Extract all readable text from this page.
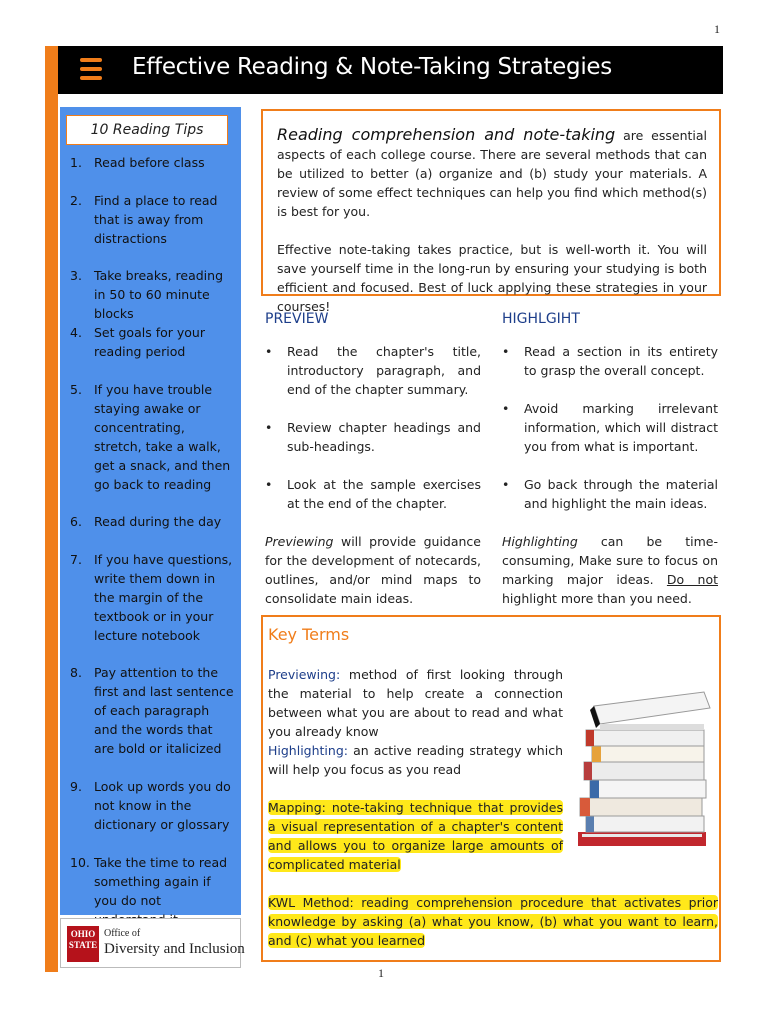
1
Effective Reading & Note-Taking Strategies
10 Reading Tips
1. Read before class
2. Find a place to read that is away from distractions
3. Take breaks, reading in 50 to 60 minute blocks
4. Set goals for your reading period
5. If you have trouble staying awake or concentrating, stretch, take a walk, get a snack, and then go back to reading
6. Read during the day
7. If you have questions, write them down in the margin of the textbook or in your lecture notebook
8. Pay attention to the first and last sentence of each paragraph and the words that are bold or italicized
9. Look up words you do not know in the dictionary or glossary
10. Take the time to read something again if you do not
OHIO STATE
Office of
Diversity and Inclusion

Reading comprehension and note-taking are essential aspects of each college course. There are several methods that can be utilized to better (a) organize and (b) study your materials. A review of some effect techniques can help you find which method(s) is best for you.

Effective note-taking takes practice, but is well-worth it. You will save yourself time in the long-run by ensuring your studying is both efficient and focused. Best of luck applying these strategies in your courses!

PREVIEW
• Read the chapter's title, introductory paragraph, and end of the chapter summary.
• Review chapter headings and sub-headings.
• Look at the sample exercises at the end of the chapter.

Previewing will provide guidance for the development of notecards, outlines, and/or mind maps to consolidate main ideas.

HIGHLGIHT
• Read a section in its entirety to grasp the overall concept.
• Avoid marking irrelevant information, which will distract you from what is important.
• Go back through the material and highlight the main ideas.

Highlighting can be time-consuming, Make sure to focus on marking major ideas. Do not highlight more than you need.

Key Terms

Previewing: method of first looking through the material to help create a connection between what you are about to read and what you already know

Highlighting: an active reading strategy which will help you focus as you read

Mapping: note-taking technique that provides a visual representation of a chapter's content and allows you to organize large amounts of complicated material

KWL Method: reading comprehension procedure that activates prior knowledge by asking (a) what you know, (b) what you want to learn, and (c) what you learned

1
